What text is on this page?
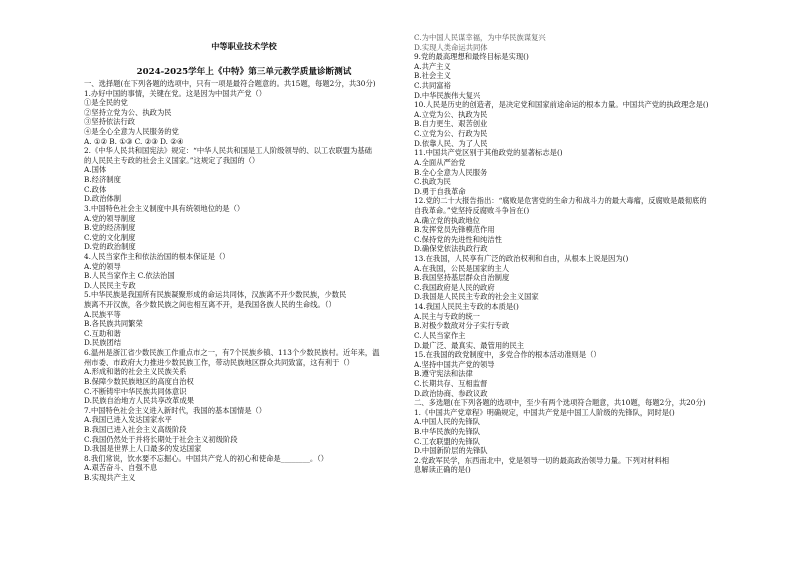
中等职业技术学校
2024-2025学年上《中特》第三单元教学质量诊断测试
一、选择题(在下列各题的选项中，只有一项是最符合题意的。共15题，每题2分，共30分)
1.办好中国的事情，关键在党。这是因为中国共产党（）
①是全民的党
②坚持立党为公、执政为民
③坚持依法行政
④是全心全意为人民服务的党
A. ①② B. ①③ C. ②③ D. ②④
2.《中华人民共和国宪法》规定：“中华人民共和国是工人阶级领导的、以工农联盟为基础
的人民民主专政的社会主义国家。”这规定了我国的（）
A.国体
B.经济制度
C.政体
D.政治体制
3.中国特色社会主义制度中具有统领地位的是（）
A.党的领导制度
B.党的经济制度
C.党的文化制度
D.党的政治制度
4.人民当家作主和依法治国的根本保证是（）
A.党的领导
B.人民当家作主 C.依法治国
D.人民民主专政
5.中华民族是我国所有民族凝聚形成的命运共同体，汉族离不开少数民族，少数民
族离不开汉族，各少数民族之间也相互离不开，是我国各族人民的生命线。（）
A.民族平等
B.各民族共同繁荣
C.互助和谐
D.民族团结
6.温州是浙江省少数民族工作重点市之一，有7个民族乡镇、113个少数民族村。近年来，温
州市委、市政府大力推进少数民族工作，带动民族地区群众共同致富，这有利于（）
A.形成和谐的社会主义民族关系
B.保障少数民族地区的高度自治权
C.不断铸牢中华民族共同体意识
D.民族自治地方人民共享改革成果
7.中国特色社会主义进入新时代，我国的基本国情是（）
A.我国已进入发达国家水平
B.我国已进入社会主义高级阶段
C.我国仍然处于并将长期处于社会主义初级阶段
D.我国是世界上人口最多的发达国家
8.我们常说，饮水要不忘掘心。中国共产党人的初心和使命是________。（）
A.艰苦奋斗、自强不息
B.实现共产主义
C.为中国人民谋幸福，为中华民族谋复兴
D.实现人类命运共同体
9.党的最高理想和最终目标是实现()
A.共产主义
B.社会主义
C.共同富裕
D.中华民族伟大复兴
10.人民是历史的创造者，是决定党和国家前途命运的根本力量。中国共产党的执政理念是()
A.立党为公、执政为民
B.自力更生、艰苦创业
C.立党为公、行政为民
D.依靠人民、为了人民
11.中国共产党区别于其他政党的显著标志是()
A.全面从严治党
B.全心全意为人民服务
C.执政为民
D.勇于自我革命
12.党的二十大报告指出：“腐败是危害党的生命力和战斗力的最大毒瘤，反腐败是最彻底的
自我革命。”党坚持反腐败斗争旨在()
A.确立党的执政地位
B.发挥党员先锋模范作用
C.保持党的先进性和纯洁性
D.确保党依法执政行政
13.在我国，人民享有广泛的政治权利和自由，从根本上说是因为()
A.在我国，公民是国家的主人
B.我国坚持基层群众自治制度
C.我国政府是人民的政府
D.我国是人民民主专政的社会主义国家
14.我国人民民主专政的本质是()
A.民主与专政的统一
B.对极少数敌对分子实行专政
C.人民当家作主
D.最广泛、最真实、最管用的民主
15.在我国的政党制度中，多党合作的根本活动准则是（）
A.坚持中国共产党的领导
B.遵守宪法和法律
C.长期共存、互相监督
D.政治协商、参政议政
二、多选题(在下列各题的选项中，至少有两个选项符合题意，共10题，每题2分，共20分)
1.《中国共产党章程》明确规定，中国共产党是中国工人阶级的先锋队，同时是()
A.中国人民的先锋队
B.中华民族的先锋队
C.工农联盟的先锋队
D.中国新阶层的先锋队
2.党政军民学，东西南北中，党是领导一切的最高政治领导力量。下列对材料相
息解读正确的是()
